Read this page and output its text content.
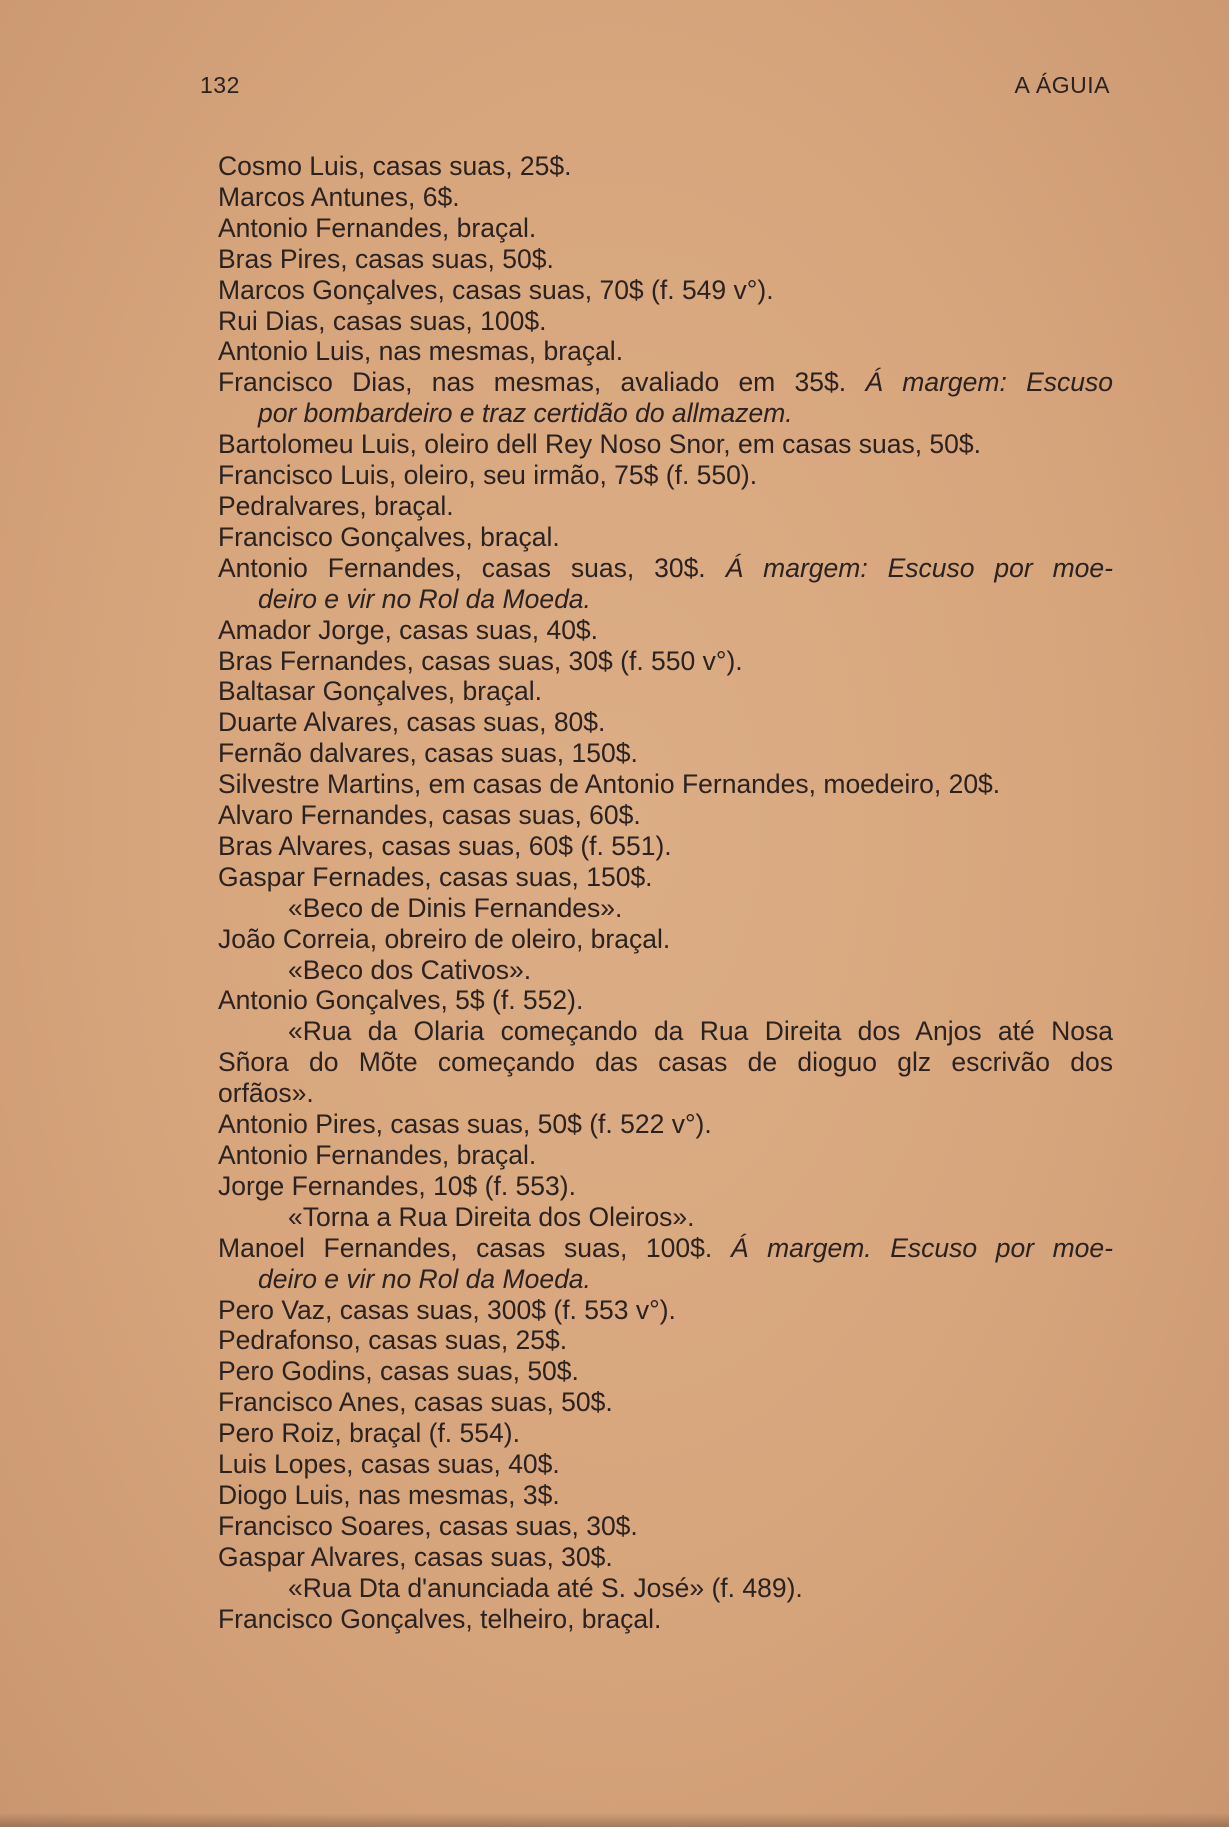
132	A ÁGUIA
Cosmo Luis, casas suas, 25$.
Marcos Antunes, 6$.
Antonio Fernandes, braçal.
Bras Pires, casas suas, 50$.
Marcos Gonçalves, casas suas, 70$ (f. 549 v°).
Rui Dias, casas suas, 100$.
Antonio Luis, nas mesmas, braçal.
Francisco Dias, nas mesmas, avaliado em 35$. Á margem: Escuso
por bombardeiro e traz certidão do allmazem.
Bartolomeu Luis, oleiro dell Rey Noso Snor, em casas suas, 50$.
Francisco Luis, oleiro, seu irmão, 75$ (f. 550).
Pedralvares, braçal.
Francisco Gonçalves, braçal.
Antonio Fernandes, casas suas, 30$. Á margem: Escuso por moe-
deiro e vir no Rol da Moeda.
Amador Jorge, casas suas, 40$.
Bras Fernandes, casas suas, 30$ (f. 550 v°).
Baltasar Gonçalves, braçal.
Duarte Alvares, casas suas, 80$.
Fernão dalvares, casas suas, 150$.
Silvestre Martins, em casas de Antonio Fernandes, moedeiro, 20$.
Alvaro Fernandes, casas suas, 60$.
Bras Alvares, casas suas, 60$ (f. 551).
Gaspar Fernades, casas suas, 150$.
«Beco de Dinis Fernandes».
João Correia, obreiro de oleiro, braçal.
«Beco dos Cativos».
Antonio Gonçalves, 5$ (f. 552).
«Rua da Olaria começando da Rua Direita dos Anjos até Nosa
Sñora do Mõte começando das casas de dioguo glz escrivão dos
orfãos».
Antonio Pires, casas suas, 50$ (f. 522 v°).
Antonio Fernandes, braçal.
Jorge Fernandes, 10$ (f. 553).
«Torna a Rua Direita dos Oleiros».
Manoel Fernandes, casas suas, 100$. Á margem. Escuso por moe-
deiro e vir no Rol da Moeda.
Pero Vaz, casas suas, 300$ (f. 553 v°).
Pedrafonso, casas suas, 25$.
Pero Godins, casas suas, 50$.
Francisco Anes, casas suas, 50$.
Pero Roiz, braçal (f. 554).
Luis Lopes, casas suas, 40$.
Diogo Luis, nas mesmas, 3$.
Francisco Soares, casas suas, 30$.
Gaspar Alvares, casas suas, 30$.
«Rua Dta d'anunciada até S. José» (f. 489).
Francisco Gonçalves, telheiro, braçal.
